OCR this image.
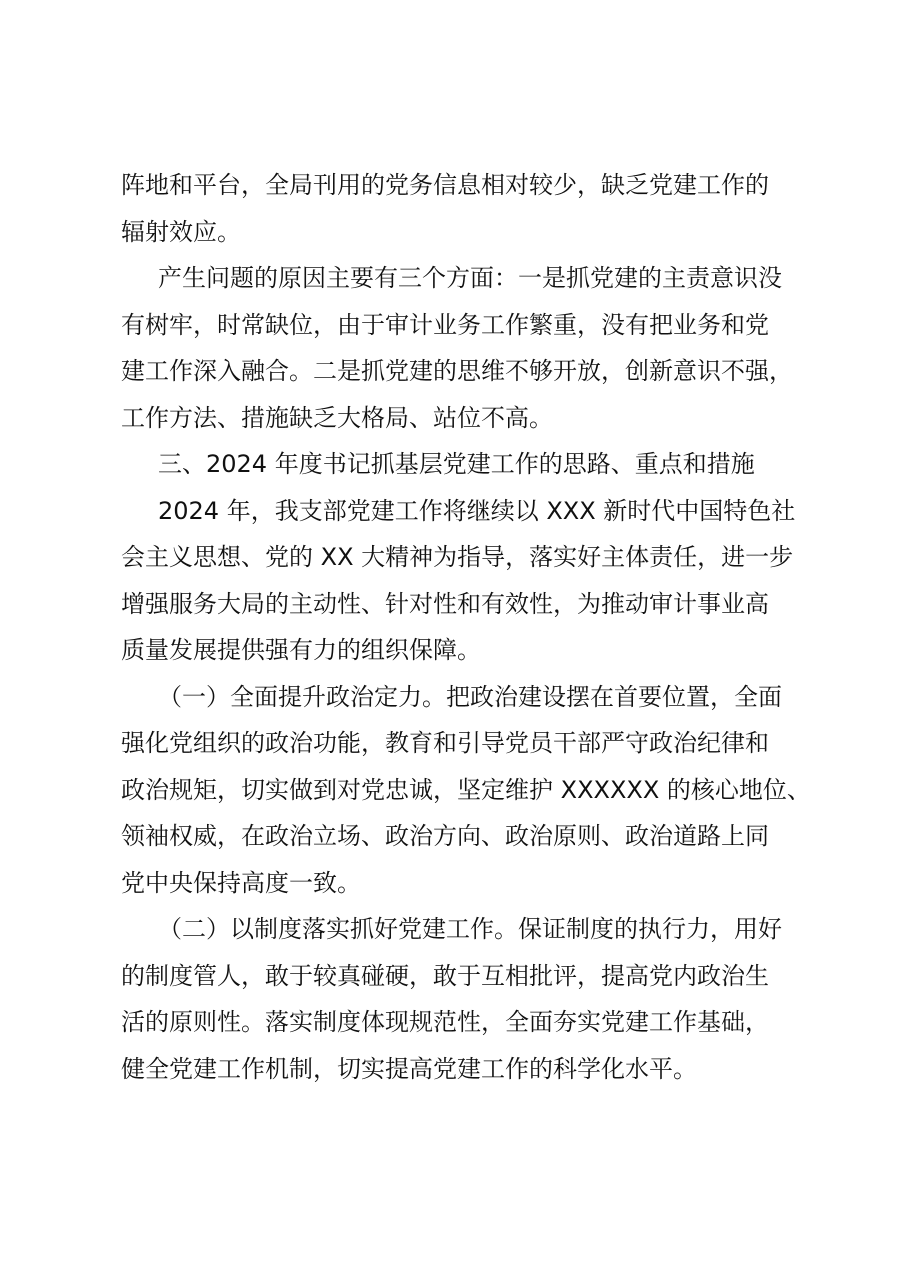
阵地和平台，全局刊用的党务信息相对较少，缺乏党建工作的
辐射效应。
产生问题的原因主要有三个方面：一是抓党建的主责意识没
有树牢，时常缺位，由于审计业务工作繁重，没有把业务和党
建工作深入融合。二是抓党建的思维不够开放，创新意识不强，
工作方法、措施缺乏大格局、站位不高。
三、2024 年度书记抓基层党建工作的思路、重点和措施
2024 年，我支部党建工作将继续以 XXX 新时代中国特色社
会主义思想、党的 XX 大精神为指导，落实好主体责任，进一步
增强服务大局的主动性、针对性和有效性，为推动审计事业高
质量发展提供强有力的组织保障。
（一）全面提升政治定力。把政治建设摆在首要位置，全面
强化党组织的政治功能，教育和引导党员干部严守政治纪律和
政治规矩，切实做到对党忠诚，坚定维护 XXXXXX 的核心地位、
领袖权威，在政治立场、政治方向、政治原则、政治道路上同
党中央保持高度一致。
（二）以制度落实抓好党建工作。保证制度的执行力，用好
的制度管人，敢于较真碰硬，敢于互相批评，提高党内政治生
活的原则性。落实制度体现规范性，全面夯实党建工作基础，
健全党建工作机制，切实提高党建工作的科学化水平。
